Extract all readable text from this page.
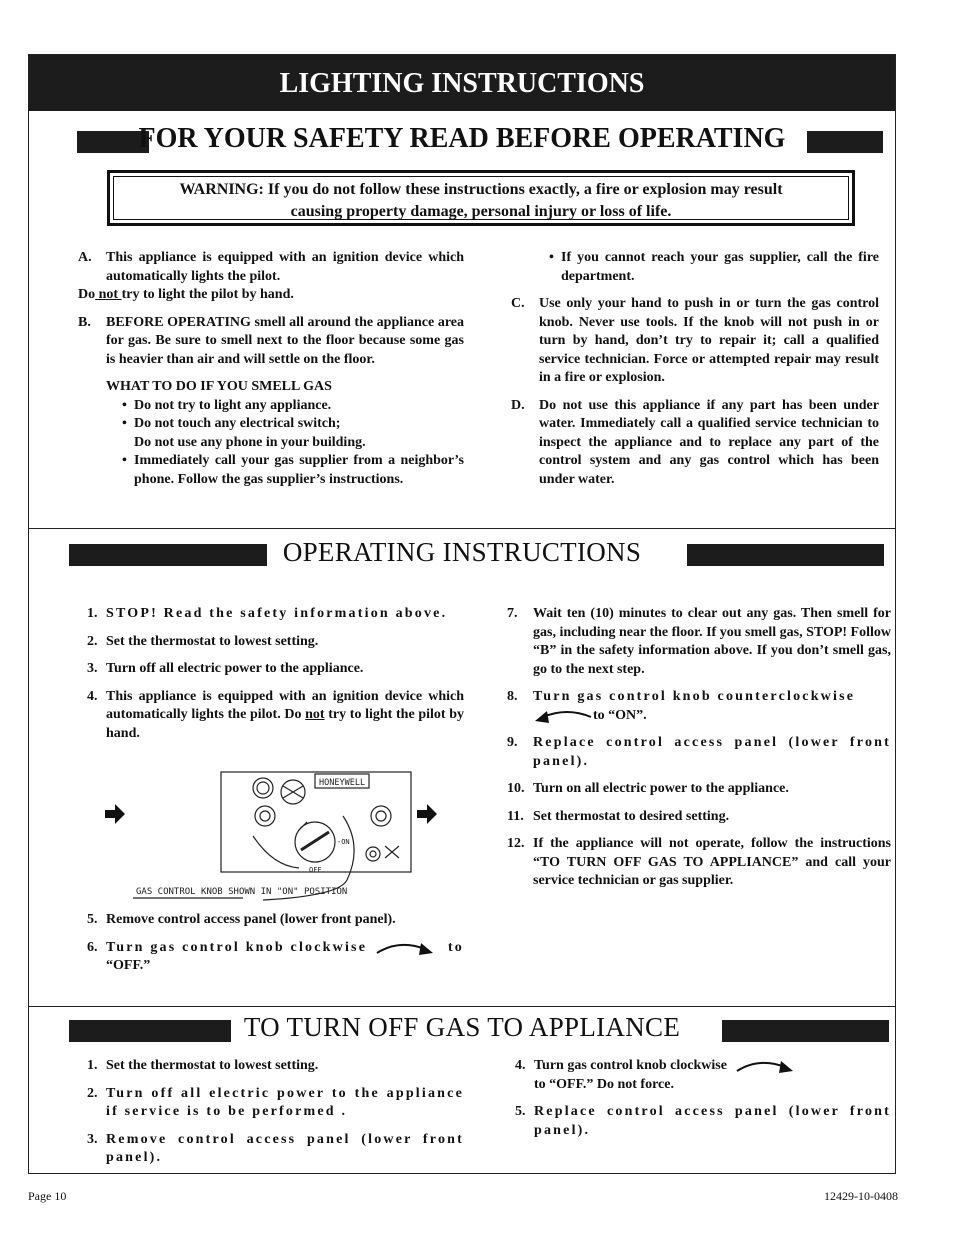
LIGHTING INSTRUCTIONS
FOR YOUR SAFETY READ BEFORE OPERATING
WARNING: If you do not follow these instructions exactly, a fire or explosion may result
causing property damage, personal injury or loss of life.
A. This appliance is equipped with an ignition device which automatically lights the pilot.

Do not try to light the pilot by hand.

B. BEFORE OPERATING smell all around the appliance area for gas. Be sure to smell next to the floor because some gas is heavier than air and will settle on the floor.

WHAT TO DO IF YOU SMELL GAS

• Do not try to light any appliance.
• Do not touch any electrical switch;
Do not use any phone in your building.
• Immediately call your gas supplier from a neighbor’s phone. Follow the gas supplier’s instructions.
• If you cannot reach your gas supplier, call the fire department.
C. Use only your hand to push in or turn the gas control knob. Never use tools. If the knob will not push in or turn by hand, don’t try to repair it; call a qualified service technician. Force or attempted repair may result in a fire or explosion.

D. Do not use this appliance if any part has been under water. Immediately call a qualified service technician to inspect the appliance and to replace any part of the control system and any gas control which has been under water.

OPERATING INSTRUCTIONS
1. STOP! Read the safety information above.

2. Set the thermostat to lowest setting.

3. Turn off all electric power to the appliance.

4. This appliance is equipped with an ignition device which automatically lights the pilot. Do not try to light the pilot by hand.

HONEYWELL
-ON
OFF
GAS CONTROL KNOB SHOWN IN "ON" POSITION
5. Remove control access panel (lower front panel).

6. Turn gas control knob clockwise	to

“OFF.”

7. Wait ten (10) minutes to clear out any gas. Then smell for gas, including near the floor. If you smell gas, STOP! Follow “B” in the safety information above. If you don’t smell gas, go to the next step.

8. Turn gas control knob counterclockwise

to “ON”.

9. Replace control access panel (lower front panel).

10. Turn on all electric power to the appliance.

11. Set thermostat to desired setting.

12. If the appliance will not operate, follow the instructions “TO TURN OFF GAS TO APPLIANCE” and call your service technician or gas supplier.

TO TURN OFF GAS TO APPLIANCE
1. Set the thermostat to lowest setting.

2. Turn off all electric power to the appliance if service is to be performed .

3. Remove control access panel (lower front panel).

4. Turn gas control knob clockwise

to “OFF.” Do not force.

5. Replace control access panel (lower front panel).

Page 10	12429-10-0408
